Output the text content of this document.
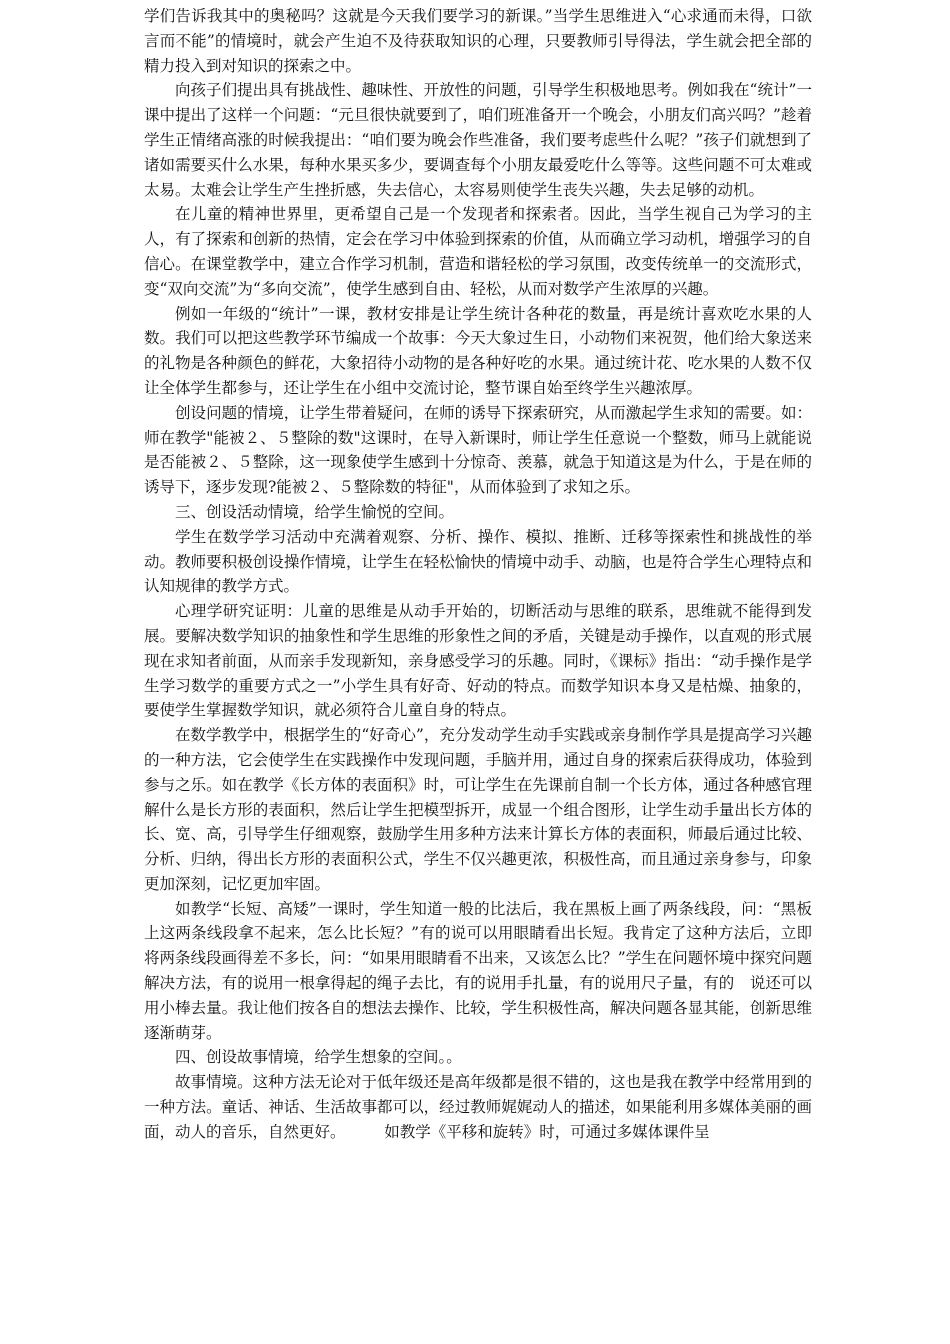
学们告诉我其中的奥秘吗？这就是今天我们要学习的新课。”当学生思维进入“心求通而未得，口欲言而不能”的情境时，就会产生迫不及待获取知识的心理，只要教师引导得法，学生就会把全部的精力投入到对知识的探索之中。

向孩子们提出具有挑战性、趣味性、开放性的问题，引导学生积极地思考。例如我在“统计”一课中提出了这样一个问题：“元旦很快就要到了，咱们班准备开一个晚会，小朋友们高兴吗？”趁着学生正情绪高涨的时候我提出：“咱们要为晚会作些准备，我们要考虑些什么呢？”孩子们就想到了诸如需要买什么水果，每种水果买多少，要调查每个小朋友最爱吃什么等等。这些问题不可太难或太易。太难会让学生产生挫折感，失去信心，太容易则使学生丧失兴趣，失去足够的动机。

在儿童的精神世界里，更希望自己是一个发现者和探索者。因此，当学生视自己为学习的主人，有了探索和创新的热情，定会在学习中体验到探索的价值，从而确立学习动机，增强学习的自信心。在课堂教学中，建立合作学习机制，营造和谐轻松的学习氛围，改变传统单一的交流形式，变“双向交流”为“多向交流”，使学生感到自由、轻松，从而对数学产生浓厚的兴趣。

例如一年级的“统计”一课，教材安排是让学生统计各种花的数量，再是统计喜欢吃水果的人数。我们可以把这些教学环节编成一个故事：今天大象过生日，小动物们来祝贺，他们给大象送来的礼物是各种颜色的鲜花，大象招待小动物的是各种好吃的水果。通过统计花、吃水果的人数不仅让全体学生都参与，还让学生在小组中交流讨论，整节课自始至终学生兴趣浓厚。

创设问题的情境，让学生带着疑问，在师的诱导下探索研究，从而激起学生求知的需要。如：师在教学"能被２、５整除的数"这课时，在导入新课时，师让学生任意说一个整数，师马上就能说是否能被２、５整除，这一现象使学生感到十分惊奇、羡慕，就急于知道这是为什么，于是在师的诱导下，逐步发现?能被２、５整除数的特征"，从而体验到了求知之乐。

三、创设活动情境，给学生愉悦的空间。

学生在数学学习活动中充满着观察、分析、操作、模拟、推断、迁移等探索性和挑战性的举动。教师要积极创设操作情境，让学生在轻松愉快的情境中动手、动脑，也是符合学生心理特点和认知规律的教学方式。

心理学研究证明：儿童的思维是从动手开始的，切断活动与思维的联系，思维就不能得到发展。要解决数学知识的抽象性和学生思维的形象性之间的矛盾，关键是动手操作，以直观的形式展现在求知者前面，从而亲手发现新知，亲身感受学习的乐趣。同时，《课标》指出：“动手操作是学生学习数学的重要方式之一”小学生具有好奇、好动的特点。而数学知识本身又是枯燥、抽象的，要使学生掌握数学知识，就必须符合儿童自身的特点。

在数学教学中，根据学生的“好奇心”，充分发动学生动手实践或亲身制作学具是提高学习兴趣的一种方法，它会使学生在实践操作中发现问题，手脑并用，通过自身的探索后获得成功，体验到参与之乐。如在教学《长方体的表面积》时，可让学生在先课前自制一个长方体，通过各种感官理解什么是长方形的表面积，然后让学生把模型拆开，成显一个组合图形，让学生动手量出长方体的长、宽、高，引导学生仔细观察，鼓励学生用多种方法来计算长方体的表面积，师最后通过比较、分析、归纳，得出长方形的表面积公式，学生不仅兴趣更浓，积极性高，而且通过亲身参与，印象更加深刻，记忆更加牢固。

如教学“长短、高矮”一课时，学生知道一般的比法后，我在黑板上画了两条线段，问：“黑板上这两条线段拿不起来，怎么比长短？”有的说可以用眼睛看出长短。我肯定了这种方法后，立即将两条线段画得差不多长，问：“如果用眼睛看不出来，又该怎么比？”学生在问题怀境中探究问题解决方法，有的说用一根拿得起的绳子去比，有的说用手扎量，有的说用尺子量，有的　说还可以用小棒去量。我让他们按各自的想法去操作、比较，学生积极性高，解决问题各显其能，创新思维逐渐萌芽。

四、创设故事情境，给学生想象的空间。。

故事情境。这种方法无论对于低年级还是高年级都是很不错的，这也是我在教学中经常用到的一种方法。童话、神话、生活故事都可以，经过教师娓娓动人的描述，如果能利用多媒体美丽的画面，动人的音乐，自然更好。　　　如教学《平移和旋转》时，可通过多媒体课件呈
